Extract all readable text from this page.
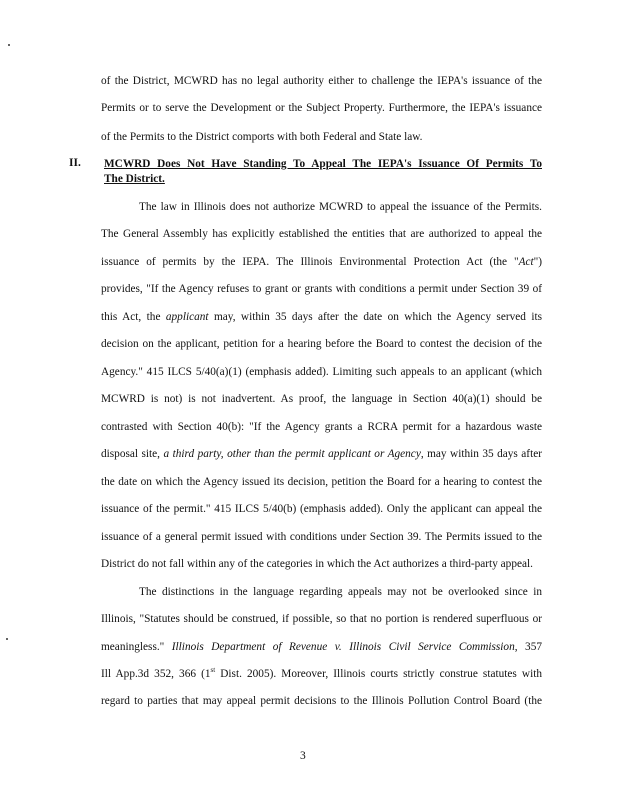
of the District, MCWRD has no legal authority either to challenge the IEPA's issuance of the
Permits or to serve the Development or the Subject Property. Furthermore, the IEPA's issuance
of the Permits to the District comports with both Federal and State law.
II. MCWRD Does Not Have Standing To Appeal The IEPA's Issuance Of Permits To
The District.
The law in Illinois does not authorize MCWRD to appeal the issuance of the Permits.
The General Assembly has explicitly established the entities that are authorized to appeal the
issuance of permits by the IEPA. The Illinois Environmental Protection Act (the "Act")
provides, "If the Agency refuses to grant or grants with conditions a permit under Section 39 of
this Act, the applicant may, within 35 days after the date on which the Agency served its
decision on the applicant, petition for a hearing before the Board to contest the decision of the
Agency." 415 ILCS 5/40(a)(1) (emphasis added). Limiting such appeals to an applicant (which
MCWRD is not) is not inadvertent. As proof, the language in Section 40(a)(1) should be
contrasted with Section 40(b): "If the Agency grants a RCRA permit for a hazardous waste
disposal site, a third party, other than the permit applicant or Agency, may within 35 days after
the date on which the Agency issued its decision, petition the Board for a hearing to contest the
issuance of the permit." 415 ILCS 5/40(b) (emphasis added). Only the applicant can appeal the
issuance of a general permit issued with conditions under Section 39. The Permits issued to the
District do not fall within any of the categories in which the Act authorizes a third-party appeal.
The distinctions in the language regarding appeals may not be overlooked since in
Illinois, "Statutes should be construed, if possible, so that no portion is rendered superfluous or
meaningless." Illinois Department of Revenue v. Illinois Civil Service Commission, 357
Ill App.3d 352, 366 (1st Dist. 2005). Moreover, Illinois courts strictly construe statutes with
regard to parties that may appeal permit decisions to the Illinois Pollution Control Board (the
3
